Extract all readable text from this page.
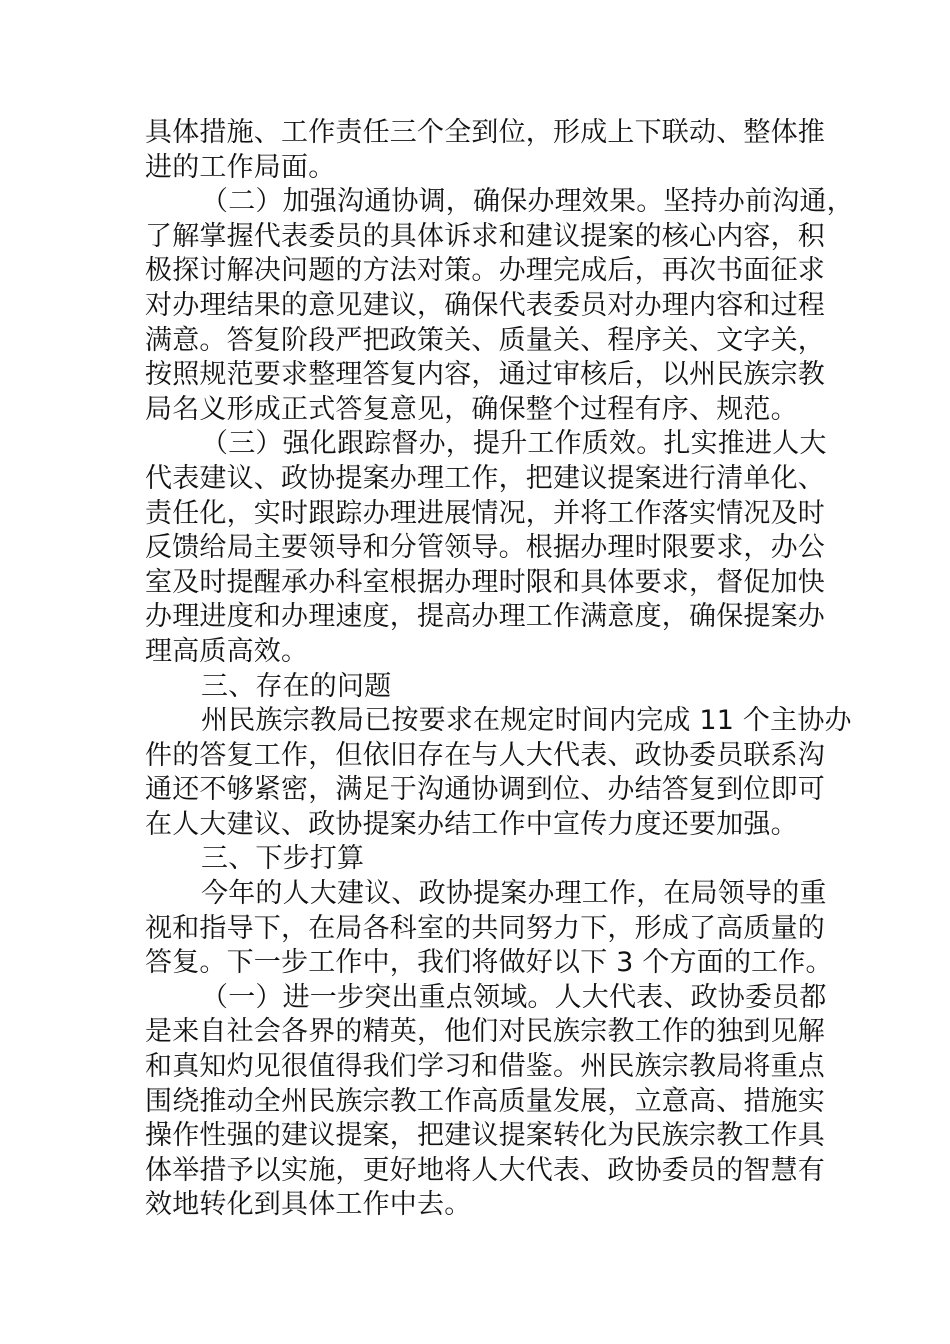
具体措施、工作责任三个全到位，形成上下联动、整体推
进的工作局面。
（二）加强沟通协调，确保办理效果。坚持办前沟通，
了解掌握代表委员的具体诉求和建议提案的核心内容，积
极探讨解决问题的方法对策。办理完成后，再次书面征求
对办理结果的意见建议，确保代表委员对办理内容和过程
满意。答复阶段严把政策关、质量关、程序关、文字关，
按照规范要求整理答复内容，通过审核后，以州民族宗教
局名义形成正式答复意见，确保整个过程有序、规范。
（三）强化跟踪督办，提升工作质效。扎实推进人大
代表建议、政协提案办理工作，把建议提案进行清单化、
责任化，实时跟踪办理进展情况，并将工作落实情况及时
反馈给局主要领导和分管领导。根据办理时限要求，办公
室及时提醒承办科室根据办理时限和具体要求，督促加快
办理进度和办理速度，提高办理工作满意度，确保提案办
理高质高效。
三、存在的问题
州民族宗教局已按要求在规定时间内完成 11 个主协办
件的答复工作，但依旧存在与人大代表、政协委员联系沟
通还不够紧密，满足于沟通协调到位、办结答复到位即可
在人大建议、政协提案办结工作中宣传力度还要加强。
三、下步打算
今年的人大建议、政协提案办理工作，在局领导的重
视和指导下，在局各科室的共同努力下，形成了高质量的
答复。下一步工作中，我们将做好以下 3 个方面的工作。
（一）进一步突出重点领域。人大代表、政协委员都
是来自社会各界的精英，他们对民族宗教工作的独到见解
和真知灼见很值得我们学习和借鉴。州民族宗教局将重点
围绕推动全州民族宗教工作高质量发展，立意高、措施实
操作性强的建议提案，把建议提案转化为民族宗教工作具
体举措予以实施，更好地将人大代表、政协委员的智慧有
效地转化到具体工作中去。
